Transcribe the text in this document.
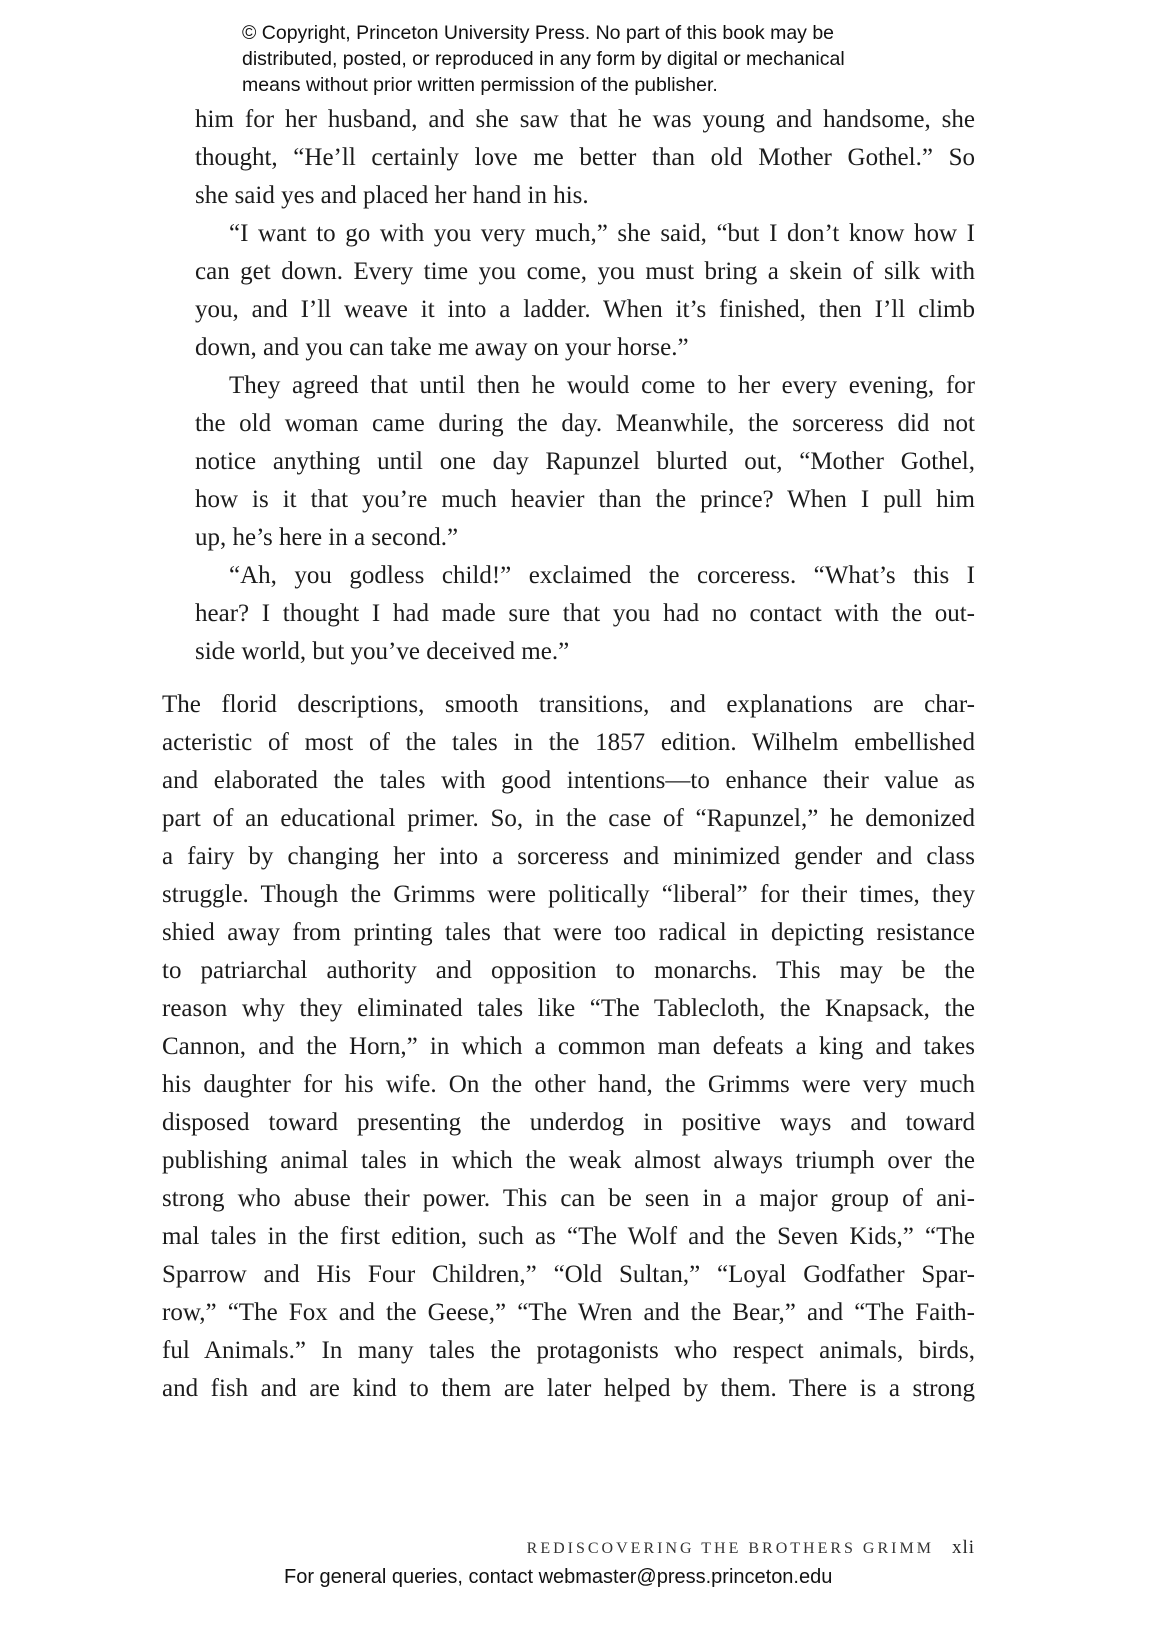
© Copyright, Princeton University Press. No part of this book may be
distributed, posted, or reproduced in any form by digital or mechanical
means without prior written permission of the publisher.
him for her husband, and she saw that he was young and handsome, she
thought, “He’ll certainly love me better than old Mother Gothel.” So
she said yes and placed her hand in his.
“I want to go with you very much,” she said, “but I don’t know how I
can get down. Every time you come, you must bring a skein of silk with
you, and I’ll weave it into a ladder. When it’s finished, then I’ll climb
down, and you can take me away on your horse.”
They agreed that until then he would come to her every evening, for
the old woman came during the day. Meanwhile, the sorceress did not
notice anything until one day Rapunzel blurted out, “Mother Gothel,
how is it that you’re much heavier than the prince? When I pull him
up, he’s here in a second.”
“Ah, you godless child!” exclaimed the corceress. “What’s this I
hear? I thought I had made sure that you had no contact with the out-
side world, but you’ve deceived me.”
The florid descriptions, smooth transitions, and explanations are char-
acteristic of most of the tales in the 1857 edition. Wilhelm embellished
and elaborated the tales with good intentions—to enhance their value as
part of an educational primer. So, in the case of “Rapunzel,” he demonized
a fairy by changing her into a sorceress and minimized gender and class
struggle. Though the Grimms were politically “liberal” for their times, they
shied away from printing tales that were too radical in depicting resistance
to patriarchal authority and opposition to monarchs. This may be the
reason why they eliminated tales like “The Tablecloth, the Knapsack, the
Cannon, and the Horn,” in which a common man defeats a king and takes
his daughter for his wife. On the other hand, the Grimms were very much
disposed toward presenting the underdog in positive ways and toward
publishing animal tales in which the weak almost always triumph over the
strong who abuse their power. This can be seen in a major group of ani-
mal tales in the first edition, such as “The Wolf and the Seven Kids,” “The
Sparrow and His Four Children,” “Old Sultan,” “Loyal Godfather Spar-
row,” “The Fox and the Geese,” “The Wren and the Bear,” and “The Faith-
ful Animals.” In many tales the protagonists who respect animals, birds,
and fish and are kind to them are later helped by them. There is a strong
REDISCOVERING THE BROTHERS GRIMM xli
For general queries, contact webmaster@press.princeton.edu
